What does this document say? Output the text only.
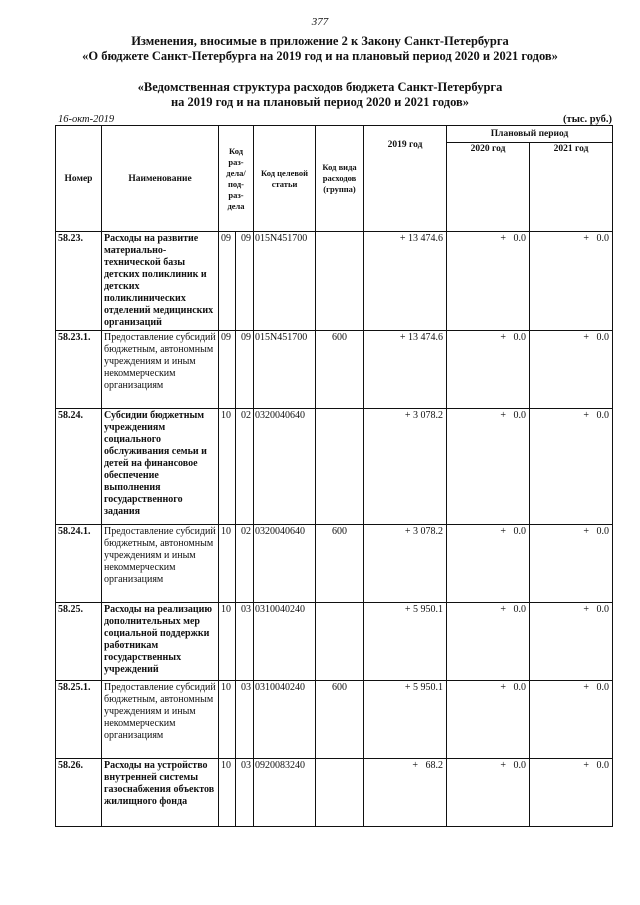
377
Изменения, вносимые в приложение 2 к Закону Санкт-Петербурга
«О бюджете Санкт-Петербурга на 2019 год и на плановый период 2020 и 2021 годов»
«Ведомственная структура расходов бюджета Санкт-Петербурга
на 2019 год и на плановый период 2020 и 2021 годов»
16-окт-2019	(тыс. руб.)
Номер	Наименование	Код раз- дела/ под- раз- дела		Код целевой статьи	Код вида расходов (группа)	2019 год	Плановый период	
							2020 год	2021 год
58.23.	Расходы на развитие материально-технической базы детских поликлиник и детских поликлинических отделений медицинских организаций	09	09	015N451700		+ 13 474.6	+   0.0	+   0.0
58.23.1.	Предоставление субсидий бюджетным, автономным учреждениям и иным некоммерческим организациям	09	09	015N451700	600	+ 13 474.6	+   0.0	+   0.0
58.24.	Субсидии бюджетным учреждениям социального обслуживания семьи и детей на финансовое обеспечение выполнения государственного задания	10	02	0320040640		+ 3 078.2	+   0.0	+   0.0
58.24.1.	Предоставление субсидий бюджетным, автономным учреждениям и иным некоммерческим организациям	10	02	0320040640	600	+ 3 078.2	+   0.0	+   0.0
58.25.	Расходы на реализацию дополнительных мер социальной поддержки работникам государственных учреждений	10	03	0310040240		+ 5 950.1	+   0.0	+   0.0
58.25.1.	Предоставление субсидий бюджетным, автономным учреждениям и иным некоммерческим организациям	10	03	0310040240	600	+ 5 950.1	+   0.0	+   0.0
58.26.	Расходы на устройство внутренней системы газоснабжения объектов жилищного фонда	10	03	0920083240		+   68.2	+   0.0	+   0.0
